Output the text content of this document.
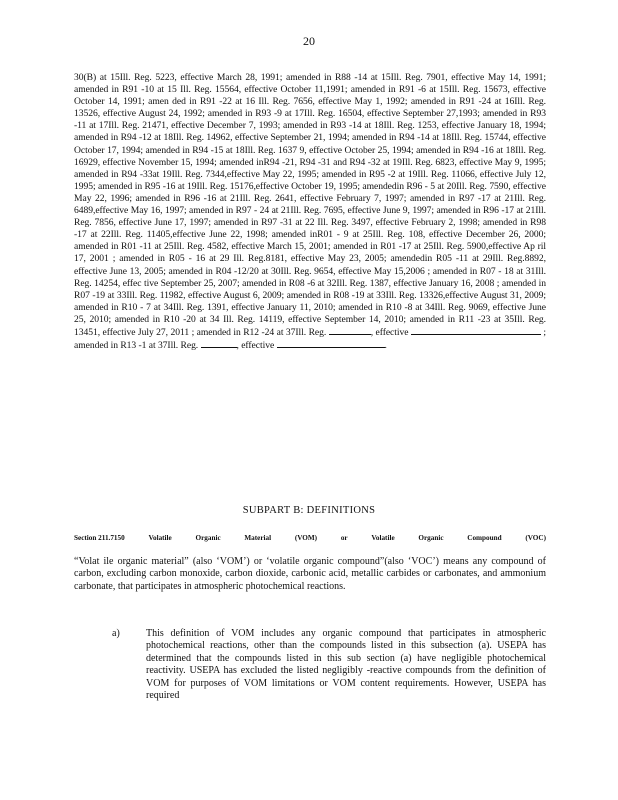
20

30(B) at 15Ill. Reg. 5223, effective March 28, 1991; amended in R88 -14 at 15Ill. Reg. 7901, effective May 14, 1991; amended in R91 -10 at 15 Ill. Reg. 15564, effective October 11,1991; amended in R91 -6 at 15Ill. Reg. 15673, effective October 14, 1991; amen ded in R91 -22 at 16 Ill. Reg. 7656, effective May 1, 1992; amended in R91 -24 at 16Ill. Reg. 13526, effective August 24, 1992; amended in R93 -9 at 17Ill. Reg. 16504, effective September 27,1993; amended in R93 -11 at 17Ill. Reg. 21471, effective December 7, 1993; amended in R93 -14 at 18Ill. Reg. 1253, effective January 18, 1994; amended in R94 -12 at 18Ill. Reg. 14962, effective September 21, 1994; amended in R94 -14 at 18Ill. Reg. 15744, effective October 17, 1994; amended in R94 -15 at 18Ill. Reg. 1637 9, effective October 25, 1994; amended in R94 -16 at 18Ill. Reg. 16929, effective November 15, 1994; amended inR94 -21, R94 -31 and R94 -32 at 19Ill. Reg. 6823, effective May 9, 1995; amended in R94 -33at 19Ill. Reg. 7344,effective May 22, 1995; amended in R95 -2 at 19Ill. Reg. 11066, effective July 12, 1995; amended in R95 -16 at 19Ill. Reg. 15176,effective October 19, 1995; amendedin R96 - 5 at 20Ill. Reg. 7590, effective May 22, 1996; amended in R96 -16 at 21Ill. Reg. 2641, effective February 7, 1997; amended in R97 -17 at 21Ill. Reg. 6489,effective May 16, 1997; amended in R97 - 24 at 21Ill. Reg. 7695, effective June 9, 1997; amended in R96 -17 at 21Ill. Reg. 7856, effective June 17, 1997; amended in R97 -31 at 22 Ill. Reg. 3497, effective February 2, 1998; amended in R98 -17 at 22Ill. Reg. 11405,effective June 22, 1998; amended inR01 - 9 at 25Ill. Reg. 108, effective December 26, 2000; amended in R01 -11 at 25Ill. Reg. 4582, effective March 15, 2001; amended in R01 -17 at 25Ill. Reg. 5900,effective Ap ril 17, 2001 ; amended in R05 - 16 at 29 Ill. Reg.8181, effective May 23, 2005; amendedin R05 -11 at 29Ill. Reg.8892, effective June 13, 2005; amended in R04 -12/20 at 30Ill. Reg. 9654, effective May 15,2006 ; amended in R07 - 18 at 31Ill. Reg. 14254, effec tive September 25, 2007; amended in R08 -6 at 32Ill. Reg. 1387, effective January 16, 2008 ; amended in R07 -19 at 33Ill. Reg. 11982, effective August 6, 2009; amended in R08 -19 at 33Ill. Reg. 13326,effective August 31, 2009; amended in R10 - 7 at 34Ill. Reg. 1391, effective January 11, 2010; amended in R10 -8 at 34Ill. Reg. 9069, effective June 25, 2010; amended in R10 -20 at 34 Ill. Reg. 14119, effective September 14, 2010; amended in R11 -23 at 35Ill. Reg. 13451, effective July 27, 2011 ; amended in R12 -24 at 37Ill. Reg.	, effective	; amended in R13 -1 at 37Ill. Reg.	, effective	.

SUBPART B: DEFINITIONS
Section 211.7150	Volatile	Organic	Material	(VOM)	or	Volatile	Organic	Compound	(VOC)

“Volat ile organic material” (also ‘VOM’) or ‘volatile organic compound”(also ‘VOC’) means any compound of carbon, excluding carbon monoxide, carbon dioxide, carbonic acid, metallic carbides or carbonates, and ammonium carbonate, that participates in atmospheric photochemical reactions.

a)	This definition of VOM includes any organic compound that participates in atmospheric photochemical reactions, other than the compounds listed in this subsection (a). USEPA has determined that the compounds listed in this sub section (a) have negligible photochemical reactivity. USEPA has excluded the listed negligibly -reactive compounds from the definition of VOM for purposes of VOM limitations or VOM content requirements. However, USEPA has required
